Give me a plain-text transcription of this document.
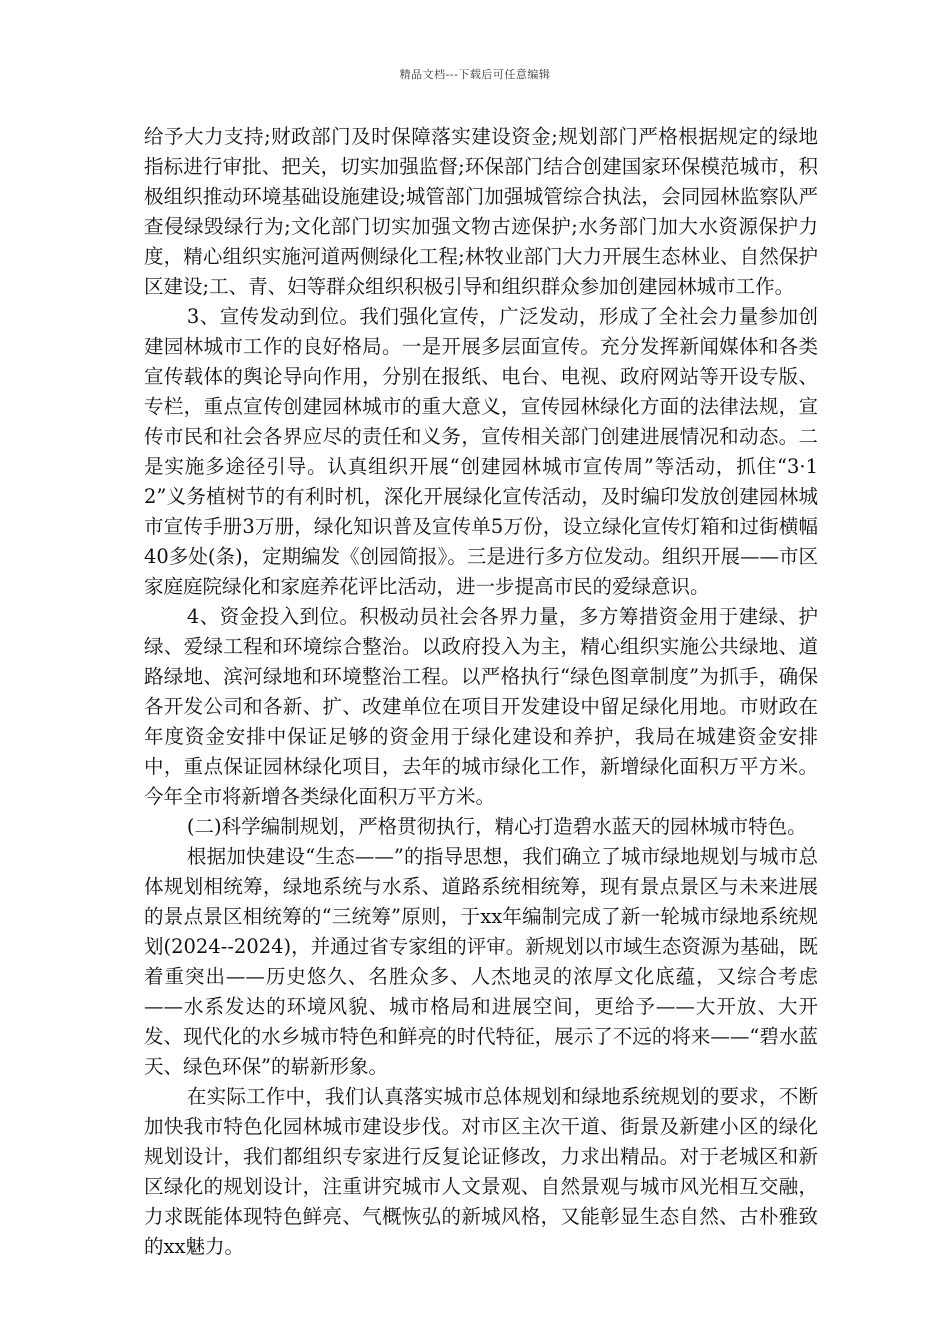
精品文档---下载后可任意编辑

给予大力支持;财政部门及时保障落实建设资金;规划部门严格根据规定的绿地指标进行审批、把关，切实加强监督;环保部门结合创建国家环保模范城市，积极组织推动环境基础设施建设;城管部门加强城管综合执法，会同园林监察队严查侵绿毁绿行为;文化部门切实加强文物古迹保护;水务部门加大水资源保护力度，精心组织实施河道两侧绿化工程;林牧业部门大力开展生态林业、自然保护区建设;工、青、妇等群众组织积极引导和组织群众参加创建园林城市工作。

3、宣传发动到位。我们强化宣传，广泛发动，形成了全社会力量参加创建园林城市工作的良好格局。一是开展多层面宣传。充分发挥新闻媒体和各类宣传载体的舆论导向作用，分别在报纸、电台、电视、政府网站等开设专版、专栏，重点宣传创建园林城市的重大意义，宣传园林绿化方面的法律法规，宣传市民和社会各界应尽的责任和义务，宣传相关部门创建进展情况和动态。二是实施多途径引导。认真组织开展“创建园林城市宣传周”等活动，抓住“3·12”义务植树节的有利时机，深化开展绿化宣传活动，及时编印发放创建园林城市宣传手册3万册，绿化知识普及宣传单5万份，设立绿化宣传灯箱和过街横幅40多处(条)，定期编发《创园简报》。三是进行多方位发动。组织开展——市区家庭庭院绿化和家庭养花评比活动，进一步提高市民的爱绿意识。

4、资金投入到位。积极动员社会各界力量，多方筹措资金用于建绿、护绿、爱绿工程和环境综合整治。以政府投入为主，精心组织实施公共绿地、道路绿地、滨河绿地和环境整治工程。以严格执行“绿色图章制度”为抓手，确保各开发公司和各新、扩、改建单位在项目开发建设中留足绿化用地。市财政在年度资金安排中保证足够的资金用于绿化建设和养护，我局在城建资金安排中，重点保证园林绿化项目，去年的城市绿化工作，新增绿化面积万平方米。今年全市将新增各类绿化面积万平方米。

(二)科学编制规划，严格贯彻执行，精心打造碧水蓝天的园林城市特色。

根据加快建设“生态——”的指导思想，我们确立了城市绿地规划与城市总体规划相统筹，绿地系统与水系、道路系统相统筹，现有景点景区与未来进展的景点景区相统筹的“三统筹”原则，于xx年编制完成了新一轮城市绿地系统规划(2024--2024)，并通过省专家组的评审。新规划以市域生态资源为基础，既着重突出——历史悠久、名胜众多、人杰地灵的浓厚文化底蕴，又综合考虑——水系发达的环境风貌、城市格局和进展空间，更给予——大开放、大开发、现代化的水乡城市特色和鲜亮的时代特征，展示了不远的将来——“碧水蓝天、绿色环保”的崭新形象。

在实际工作中，我们认真落实城市总体规划和绿地系统规划的要求，不断加快我市特色化园林城市建设步伐。对市区主次干道、街景及新建小区的绿化规划设计，我们都组织专家进行反复论证修改，力求出精品。对于老城区和新区绿化的规划设计，注重讲究城市人文景观、自然景观与城市风光相互交融，力求既能体现特色鲜亮、气概恢弘的新城风格，又能彰显生态自然、古朴雅致的xx魅力。
